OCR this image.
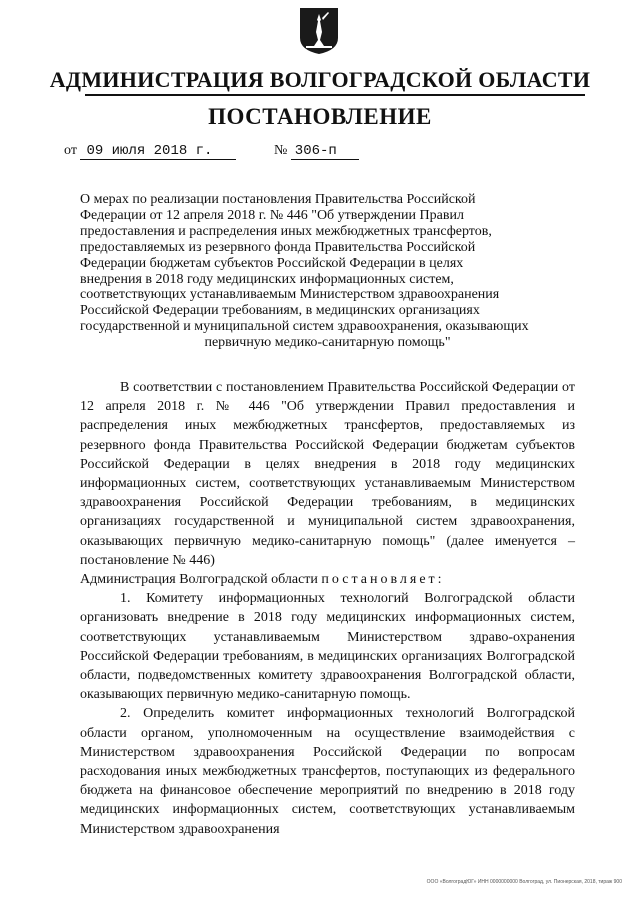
АДМИНИСТРАЦИЯ ВОЛГОГРАДСКОЙ ОБЛАСТИ
ПОСТАНОВЛЕНИЕ
от 09 июля 2018 г.	№ 306-п
О мерах по реализации постановления Правительства Российской
Федерации от 12 апреля 2018 г. № 446 "Об утверждении Правил
предоставления и распределения иных межбюджетных трансфертов,
предоставляемых из резервного фонда Правительства Российской
Федерации бюджетам субъектов Российской Федерации в целях
внедрения в 2018 году медицинских информационных систем,
соответствующих устанавливаемым Министерством здравоохранения
Российской Федерации требованиям, в медицинских организациях
государственной и муниципальной систем здравоохранения, оказывающих
первичную медико-санитарную помощь"

В соответствии с постановлением Правительства Российской Федерации от 12 апреля 2018 г. № 446 "Об утверждении Правил предоставления и распределения иных межбюджетных трансфертов, предоставляемых из резервного фонда Правительства Российской Федерации бюджетам субъектов Российской Федерации в целях внедрения в 2018 году медицинских информационных систем, соответствующих устанавливаемым Министерством здравоохранения Российской Федерации требованиям, в медицинских организациях государственной и муниципальной систем здравоохранения, оказывающих первичную медико-санитарную помощь" (далее именуется – постановление № 446)

Администрация Волгоградской области постановляет:

1. Комитету информационных технологий Волгоградской области организовать внедрение в 2018 году медицинских информационных систем, соответствующих устанавливаемым Министерством здраво-охранения Российской Федерации требованиям, в медицинских организациях Волгоградской области, подведомственных комитету здравоохранения Волгоградской области, оказывающих первичную медико-санитарную помощь.

2. Определить комитет информационных технологий Волгоградской области органом, уполномоченным на осуществление взаимодействия с Министерством здравоохранения Российской Федерации по вопросам расходования иных межбюджетных трансфертов, поступающих из федерального бюджета на финансовое обеспечение мероприятий по внедрению в 2018 году медицинских информационных систем, соответствующих устанавливаемым Министерством здравоохранения

ООО «ВолгоградЮГ» ИНН 0000000000 Волгоград, ул. Пионерская, 2018, тираж 900
